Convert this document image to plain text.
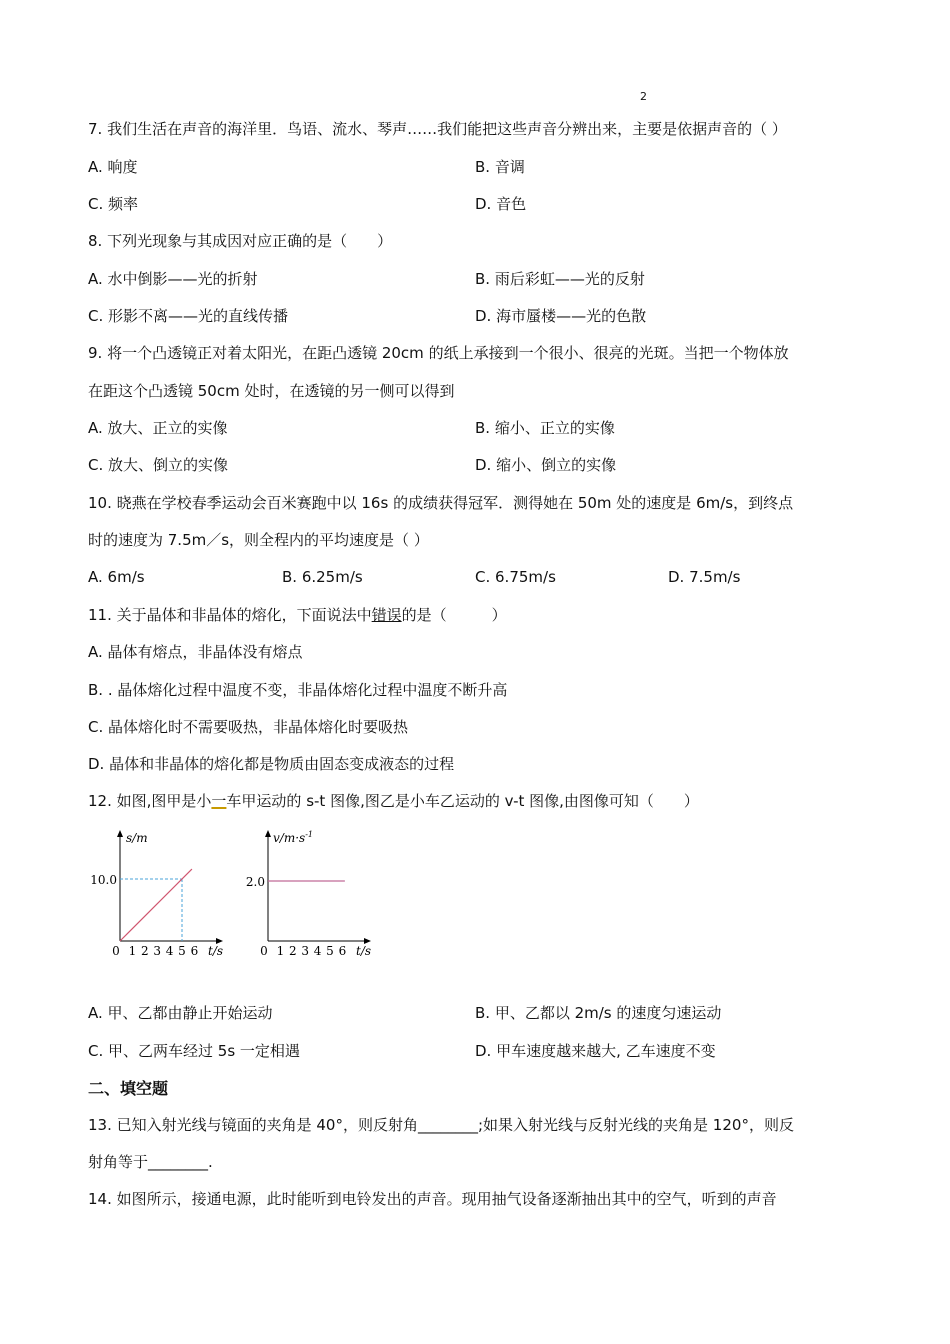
2
7. 我们生活在声音的海洋里．鸟语、流水、琴声……我们能把这些声音分辨出来，主要是依据声音的（ ）
A. 响度	B. 音调
C. 频率	D. 音色
8. 下列光现象与其成因对应正确的是（　　）
A. 水中倒影——光的折射	B. 雨后彩虹——光的反射
C. 形影不离——光的直线传播	D. 海市蜃楼——光的色散
9. 将一个凸透镜正对着太阳光，在距凸透镜 20cm 的纸上承接到一个很小、很亮的光斑。当把一个物体放
在距这个凸透镜 50cm 处时，在透镜的另一侧可以得到
A. 放大、正立的实像	B. 缩小、正立的实像
C. 放大、倒立的实像	D. 缩小、倒立的实像
10. 晓燕在学校春季运动会百米赛跑中以 16s 的成绩获得冠军．测得她在 50m 处的速度是 6m/s，到终点
时的速度为 7.5m／s，则全程内的平均速度是（ ）
A. 6m/s	B. 6.25m/s	C. 6.75m/s	D. 7.5m/s
11. 关于晶体和非晶体的熔化，下面说法中错误的是（　　　）
A. 晶体有熔点，非晶体没有熔点
B. . 晶体熔化过程中温度不变，非晶体熔化过程中温度不断升高
C. 晶体熔化时不需要吸热，非晶体熔化时要吸热
D. 晶体和非晶体的熔化都是物质由固态变成液态的过程
12. 如图,图甲是小一车甲运动的 s-t 图像,图乙是小车乙运动的 v-t 图像,由图像可知（　　）
s/m
t/s
10.0
0 1 2 3 4 5 6
$v/m\cdot s^{-1}$
t/s
2.0
0 1 2 3 4 5 6
A. 甲、乙都由静止开始运动	B. 甲、乙都以 2m/s 的速度匀速运动
C. 甲、乙两车经过 5s 一定相遇	D. 甲车速度越来越大, 乙车速度不变
二、填空题
13. 已知入射光线与镜面的夹角是 40°，则反射角________;如果入射光线与反射光线的夹角是 120°，则反
射角等于________.
14. 如图所示，接通电源，此时能听到电铃发出的声音。现用抽气设备逐渐抽出其中的空气，听到的声音
